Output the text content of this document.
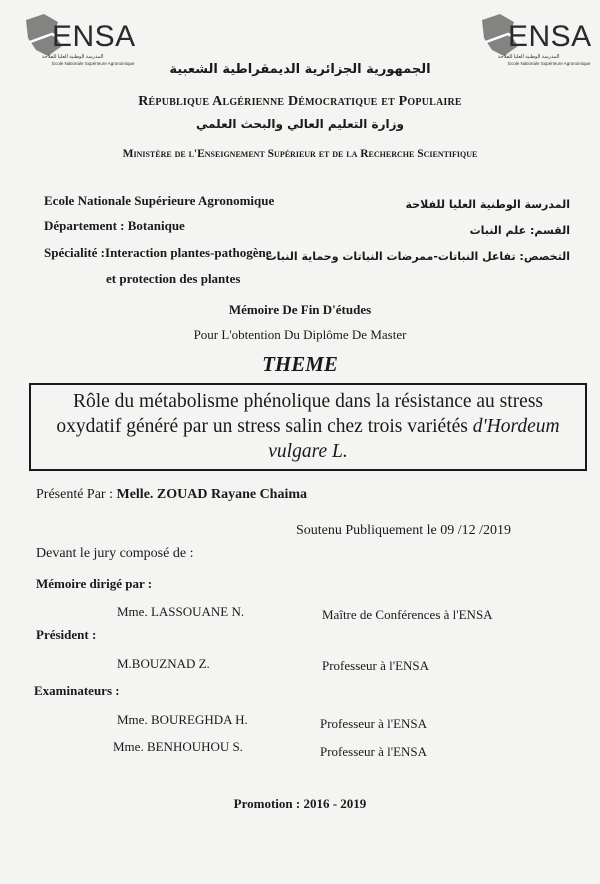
ENSA
المدرسة الوطنية العليا للفلاحة
Ecole Nationale Supérieure Agronomique
ENSA
المدرسة الوطنية العليا للفلاحة
Ecole Nationale Supérieure Agronomique
الجمهورية الجزائرية الديمقراطية الشعبية
République Algérienne Démocratique et Populaire
وزارة التعليم العالي والبحث العلمي
Ministère de l'Enseignement Supérieur et de la Recherche Scientifique
Ecole Nationale Supérieure Agronomique
Département : Botanique
Spécialité :Interaction plantes-pathogène
et protection des plantes
المدرسة الوطنية العليا للفلاحة
القسم: علم النبات
التخصص: تفاعل النباتات-ممرضات النباتات وحماية النبات
Mémoire De Fin D'études
Pour L'obtention Du Diplôme De Master
THEME
Rôle du métabolisme phénolique dans la résistance au stress
oxydatif généré par un stress salin chez trois variétés d'Hordeum
vulgare L.
Présenté Par : Melle. ZOUAD Rayane Chaima
Soutenu Publiquement le 09 /12 /2019
Devant le jury composé de :
Mémoire dirigé par :
Mme. LASSOUANE N.	Maître de Conférences à l'ENSA
Président :
M.BOUZNAD Z.	Professeur à l'ENSA
Examinateurs :
Mme. BOUREGHDA H.	Professeur à l'ENSA
Mme. BENHOUHOU S.	Professeur à l'ENSA
Promotion : 2016 - 2019
